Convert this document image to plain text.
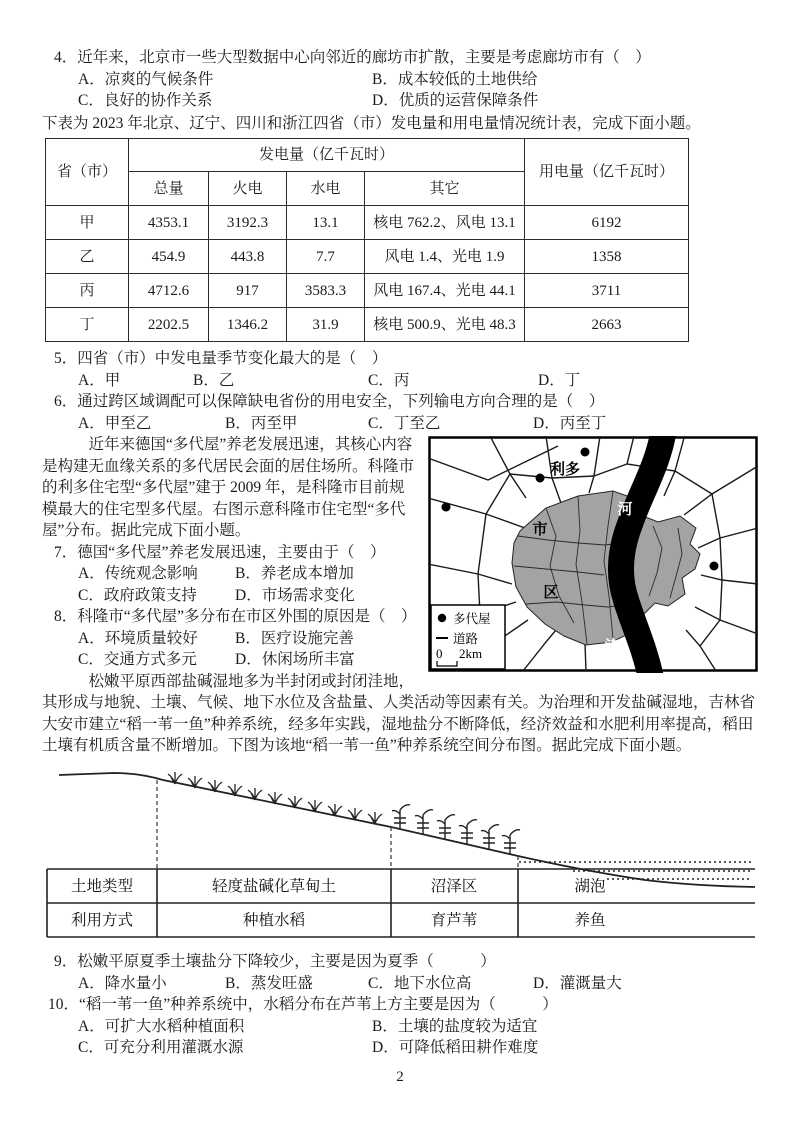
4．近年来，北京市一些大型数据中心向邻近的廊坊市扩散，主要是考虑廊坊市有（　）
A．凉爽的气候条件	B．成本较低的土地供给
C．良好的协作关系	D．优质的运营保障条件
下表为 2023 年北京、辽宁、四川和浙江四省（市）发电量和用电量情况统计表，完成下面小题。
省（市）	发电量（亿千瓦时）				用电量（亿千瓦时）
	总量	火电	水电	其它	
甲	4353.1	3192.3	13.1	核电 762.2、风电 13.1	6192
乙	454.9	443.8	7.7	风电 1.4、光电 1.9	1358
丙	4712.6	917	3583.3	风电 167.4、光电 44.1	3711
丁	2202.5	1346.2	31.9	核电 500.9、光电 48.3	2663
5．四省（市）中发电量季节变化最大的是（　）
A．甲	B．乙	C．丙	D．丁
6．通过跨区域调配可以保障缺电省份的用电安全，下列输电方向合理的是（　）
A．甲至乙	B．丙至甲	C．丁至乙	D．丙至丁
利多
市
区
河
流
多代屋
道路
0 2km

近年来德国“多代屋”养老发展迅速，其核心内容是构建无血缘关系的多代居民会面的居住场所。科隆市的利多住宅型“多代屋”建于 2009 年，是科隆市目前规模最大的住宅型多代屋。右图示意科隆市住宅型“多代屋”分布。据此完成下面小题。

7．德国“多代屋”养老发展迅速，主要由于（　）
A．传统观念影响	B．养老成本增加
C．政府政策支持	D．市场需求变化
8．科隆市“多代屋”多分布在市区外围的原因是（　）
A．环境质量较好	B．医疗设施完善
C．交通方式多元	D．休闲场所丰富

松嫩平原西部盐碱湿地多为半封闭或封闭洼地，其形成与地貌、土壤、气候、地下水位及含盐量、人类活动等因素有关。为治理和开发盐碱湿地，吉林省大安市建立“稻一苇一鱼”种养系统，经多年实践，湿地盐分不断降低，经济效益和水肥利用率提高，稻田土壤有机质含量不断增加。下图为该地“稻一苇一鱼”种养系统空间分布图。据此完成下面小题。

土地类型	轻度盐碱化草甸土	沼泽区	湖泡
利用方式	种植水稻	育芦苇	养鱼
9．松嫩平原夏季土壤盐分下降较少，主要是因为夏季（　　　）
A．降水量小	B．蒸发旺盛	C．地下水位高	D．灌溉量大
10．“稻一苇一鱼”种养系统中，水稻分布在芦苇上方主要是因为（　　　）
A．可扩大水稻种植面积	B．土壤的盐度较为适宜
C．可充分利用灌溉水源	D．可降低稻田耕作难度
2
